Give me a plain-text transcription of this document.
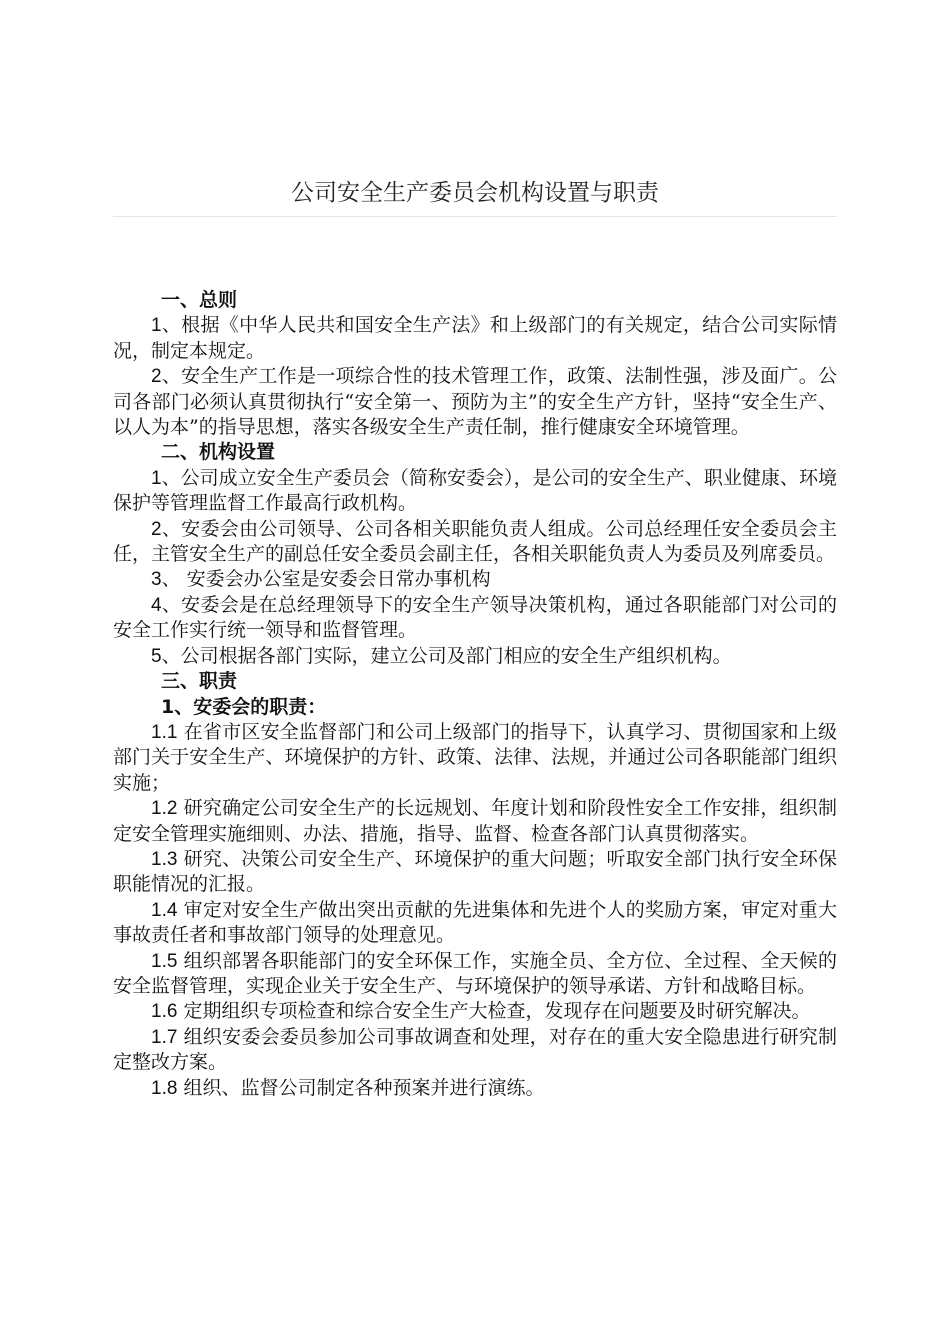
公司安全生产委员会机构设置与职责

一、总则

1、根据《中华人民共和国安全生产法》和上级部门的有关规定，结合公司实际情况，制定本规定。

2、安全生产工作是一项综合性的技术管理工作，政策、法制性强，涉及面广。公司各部门必须认真贯彻执行“安全第一、预防为主”的安全生产方针，坚持“安全生产、以人为本”的指导思想，落实各级安全生产责任制，推行健康安全环境管理。

二、机构设置

1、公司成立安全生产委员会（简称安委会），是公司的安全生产、职业健康、环境保护等管理监督工作最高行政机构。

2、安委会由公司领导、公司各相关职能负责人组成。公司总经理任安全委员会主任，主管安全生产的副总任安全委员会副主任，各相关职能负责人为委员及列席委员。

3、 安委会办公室是安委会日常办事机构

4、安委会是在总经理领导下的安全生产领导决策机构，通过各职能部门对公司的安全工作实行统一领导和监督管理。

5、公司根据各部门实际，建立公司及部门相应的安全生产组织机构。

三、职责

1、安委会的职责：

1.1 在省市区安全监督部门和公司上级部门的指导下，认真学习、贯彻国家和上级部门关于安全生产、环境保护的方针、政策、法律、法规，并通过公司各职能部门组织实施；

1.2 研究确定公司安全生产的长远规划、年度计划和阶段性安全工作安排，组织制定安全管理实施细则、办法、措施，指导、监督、检查各部门认真贯彻落实。

1.3 研究、决策公司安全生产、环境保护的重大问题；听取安全部门执行安全环保职能情况的汇报。

1.4 审定对安全生产做出突出贡献的先进集体和先进个人的奖励方案，审定对重大事故责任者和事故部门领导的处理意见。

1.5 组织部署各职能部门的安全环保工作，实施全员、全方位、全过程、全天候的安全监督管理，实现企业关于安全生产、与环境保护的领导承诺、方针和战略目标。

1.6 定期组织专项检查和综合安全生产大检查，发现存在问题要及时研究解决。

1.7 组织安委会委员参加公司事故调查和处理，对存在的重大安全隐患进行研究制定整改方案。

1.8 组织、监督公司制定各种预案并进行演练。
